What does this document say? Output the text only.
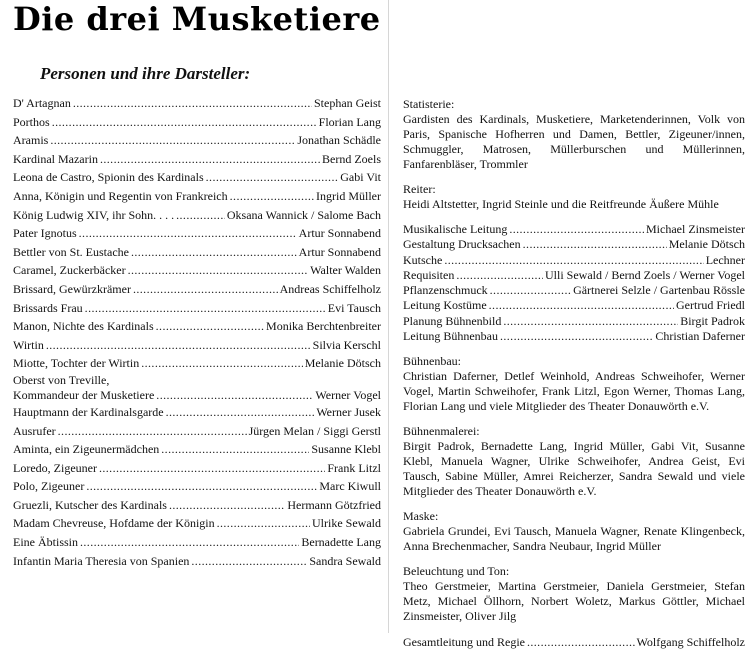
Die drei Musketiere
Personen und ihre Darsteller:
D' Artagnan .....	Stephan Geist
Porthos .....	Florian Lang
Aramis .....	Jonathan Schädle
Kardinal Mazarin .....	Bernd Zoels
Leona de Castro, Spionin des Kardinals .....	Gabi Vit
Anna, Königin und Regentin von Frankreich .....	Ingrid Müller
König Ludwig XIV, ihr Sohn. . . . .....	Oksana Wannick / Salome Bach
Pater Ignotus .....	Artur Sonnabend
Bettler von St. Eustache .....	Artur Sonnabend
Caramel, Zuckerbäcker .....	Walter Walden
Brissard, Gewürzkrämer .....	Andreas Schiffelholz
Brissards Frau .....	Evi Tausch
Manon, Nichte des Kardinals .....	Monika Berchtenbreiter
Wirtin .....	Silvia Kerschl
Miotte, Tochter der Wirtin .....	Melanie Dötsch
Oberst von Treville,
Kommandeur der Musketiere .....	Werner Vogel
Hauptmann der Kardinalsgarde .....	Werner Jusek
Ausrufer .....	Jürgen Melan / Siggi Gerstl
Aminta, ein Zigeunermädchen .....	Susanne Klebl
Loredo, Zigeuner .....	Frank Litzl
Polo, Zigeuner .....	Marc Kiwull
Gruezli, Kutscher des Kardinals .....	Hermann Götzfried
Madam Chevreuse, Hofdame der Königin .....	Ulrike Sewald
Eine Äbtissin .....	Bernadette Lang
Infantin Maria Theresia von Spanien .....	Sandra Sewald
Statisterie:
Gardisten des Kardinals, Musketiere, Marketenderinnen, Volk von Paris, Spanische Hofherren und Damen, Bettler, Zigeuner/innen, Schmuggler, Matrosen, Müllerburschen und Müllerinnen, Fanfarenbläser, Trommler
Reiter:
Heidi Altstetter, Ingrid Steinle und die Reitfreunde Äußere Mühle
Musikalische Leitung .....	Michael Zinsmeister
Gestaltung Drucksachen .....	Melanie Dötsch
Kutsche .....	Lechner
Requisiten .....	Ulli Sewald / Bernd Zoels / Werner Vogel
Pflanzenschmuck .....	Gärtnerei Selzle / Gartenbau Rössle
Leitung Kostüme .....	Gertrud Friedl
Planung Bühnenbild .....	Birgit Padrok
Leitung Bühnenbau .....	Christian Daferner
Bühnenbau:
Christian Daferner, Detlef Weinhold, Andreas Schweihofer, Werner Vogel, Martin Schweihofer, Frank Litzl, Egon Werner, Thomas Lang, Florian Lang und viele Mitglieder des Theater Donauwörth e.V.
Bühnenmalerei:
Birgit Padrok, Bernadette Lang, Ingrid Müller, Gabi Vit, Susanne Klebl, Manuela Wagner, Ulrike Schweihofer, Andrea Geist, Evi Tausch, Sabine Müller, Amrei Reicherzer, Sandra Sewald und viele Mitglieder des Theater Donauwörth e.V.
Maske:
Gabriela Grundei, Evi Tausch, Manuela Wagner, Renate Klingenbeck, Anna Brechenmacher, Sandra Neubaur, Ingrid Müller
Beleuchtung und Ton:
Theo Gerstmeier, Martina Gerstmeier, Daniela Gerstmeier, Stefan Metz, Michael Öllhorn, Norbert Woletz, Markus Göttler, Michael Zinsmeister, Oliver Jilg
Gesamtleitung und Regie .....	Wolfgang Schiffelholz
